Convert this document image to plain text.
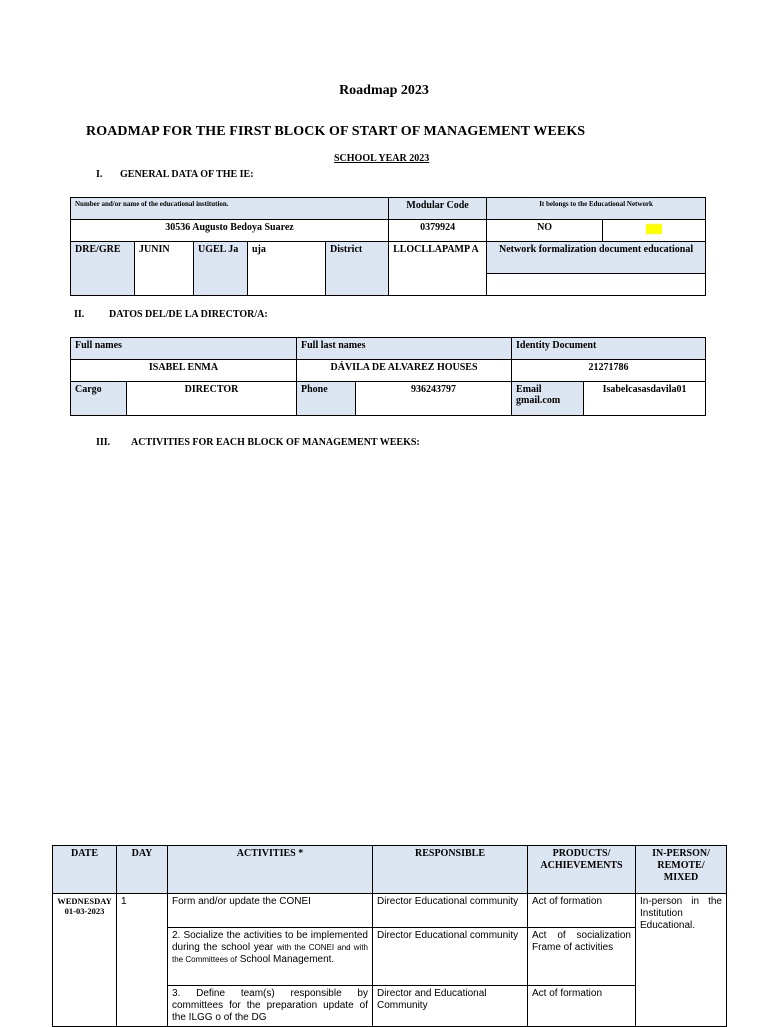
Roadmap 2023
ROADMAP FOR THE FIRST BLOCK OF START OF MANAGEMENT WEEKS
SCHOOL YEAR 2023
I. GENERAL DATA OF THE IE:
Number and/or name of the educational institution.					Modular Code	It belongs to the Educational Network	
30536 Augusto Bedoya Suarez					0379924	NO	
DRE/GRE	JUNIN	UGEL Ja	uja	District	LLOCLLAPAMP A	Network formalization document educational	

II. DATOS DEL/DE LA DIRECTOR/A:
Full names		Full last names		Identity Document	
ISABEL ENMA		DÁVILA DE ALVAREZ HOUSES		21271786	
Cargo	DIRECTOR	Phone	936243797	Email gmail.com	Isabelcasasdavila01
III. ACTIVITIES FOR EACH BLOCK OF MANAGEMENT WEEKS:
DATE	DAY	ACTIVITIES *	RESPONSIBLE	PRODUCTS/ ACHIEVEMENTS	IN-PERSON/ REMOTE/ MIXED
WEDNESDAY 01-03-2023	1	Form and/or update the CONEI	Director Educational community	Act of formation	In-person in the Institution Educational.
		2. Socialize the activities to be implemented during the school year with the CONEI and with the Committees of School Management.	Director Educational community	Act of socialization Frame of activities	
		3. Define team(s) responsible by committees for the preparation update of the ILGG o of the DG	Director and Educational Community	Act of formation	
